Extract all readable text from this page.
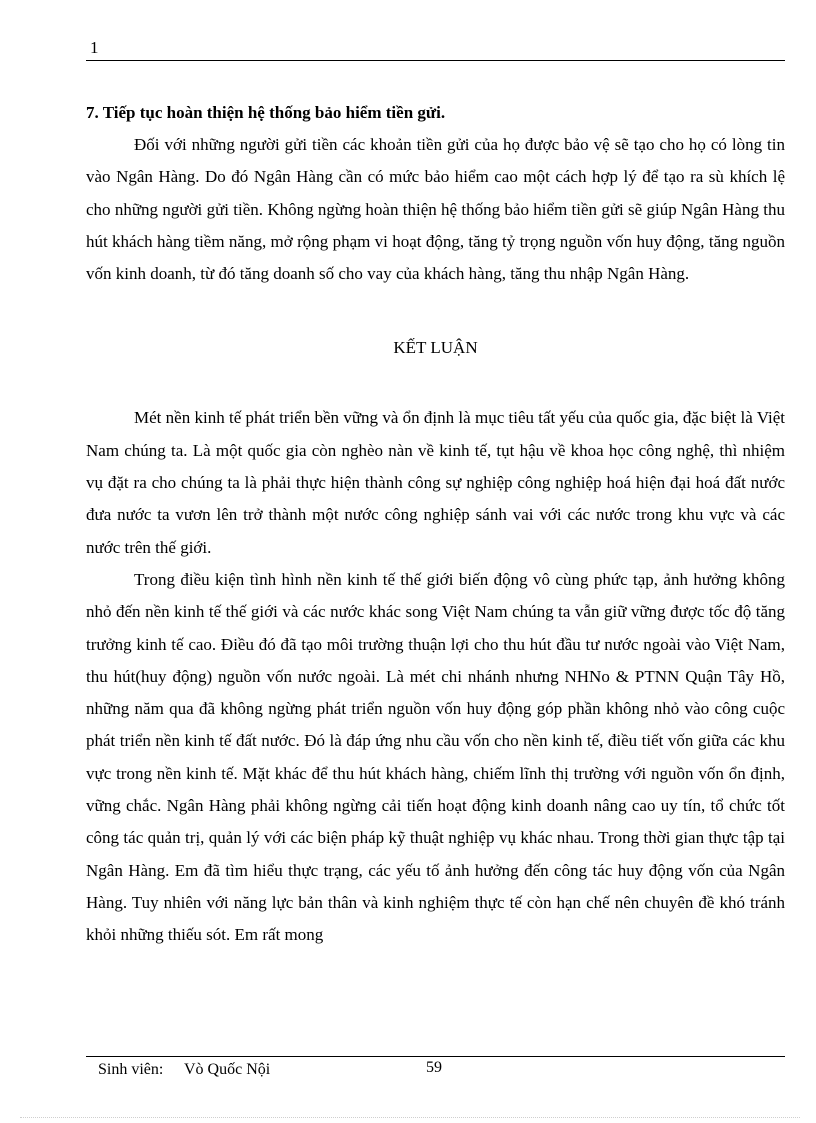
1

7. Tiếp tục hoàn thiện hệ thống bảo hiểm tiền gửi.

Đối với những người gửi tiền các khoản tiền gửi của họ được bảo vệ sẽ tạo cho họ có lòng tin vào Ngân Hàng. Do đó Ngân Hàng cần có mức bảo hiểm cao một cách hợp lý để tạo ra sù khích lệ cho những người gửi tiền. Không ngừng hoàn thiện hệ thống bảo hiểm tiền gửi sẽ giúp Ngân Hàng thu hút khách hàng tiềm năng, mở rộng phạm vi hoạt động, tăng tỷ trọng nguồn vốn huy động, tăng nguồn vốn kinh doanh, từ đó tăng doanh số cho vay của khách hàng, tăng thu nhập Ngân Hàng.

KẾT LUẬN

Mét nền kinh tế phát triển bền vững và ổn định là mục tiêu tất yếu của quốc gia, đặc biệt là Việt Nam chúng ta. Là một quốc gia còn nghèo nàn về kinh tế, tụt hậu về khoa học công nghệ, thì nhiệm vụ đặt ra cho chúng ta là phải thực hiện thành công sự nghiệp công nghiệp hoá hiện đại hoá đất nước đưa nước ta vươn lên trở thành một nước công nghiệp sánh vai với các nước trong khu vực và các nước trên thế giới.

Trong điều kiện tình hình nền kinh tế thế giới biến động vô cùng phức tạp, ảnh hưởng không nhỏ đến nền kinh tế thế giới và các nước khác song Việt Nam chúng ta vẫn giữ vững được tốc độ tăng trưởng kinh tế cao. Điều đó đã tạo môi trường thuận lợi cho thu hút đầu tư nước ngoài vào Việt Nam, thu hút(huy động) nguồn vốn nước ngoài. Là mét chi nhánh nhưng NHNo & PTNN Quận Tây Hồ, những năm qua đã không ngừng phát triển nguồn vốn huy động góp phần không nhỏ vào công cuộc phát triển nền kinh tế đất nước. Đó là đáp ứng nhu cầu vốn cho nền kinh tế, điều tiết vốn giữa các khu vực trong nền kinh tế. Mặt khác để thu hút khách hàng, chiếm lĩnh thị trường với nguồn vốn ổn định, vững chắc. Ngân Hàng phải không ngừng cải tiến hoạt động kinh doanh nâng cao uy tín, tổ chức tốt công tác quản trị, quản lý với các biện pháp kỹ thuật nghiệp vụ khác nhau. Trong thời gian thực tập tại Ngân Hàng. Em đã tìm hiểu thực trạng, các yếu tố ảnh hưởng đến công tác huy động vốn của Ngân Hàng. Tuy nhiên với năng lực bản thân và kinh nghiệm thực tế còn hạn chế nên chuyên đề khó tránh khỏi những thiếu sót. Em rất mong

Sinh viên: Vò Quốc Nội	59
